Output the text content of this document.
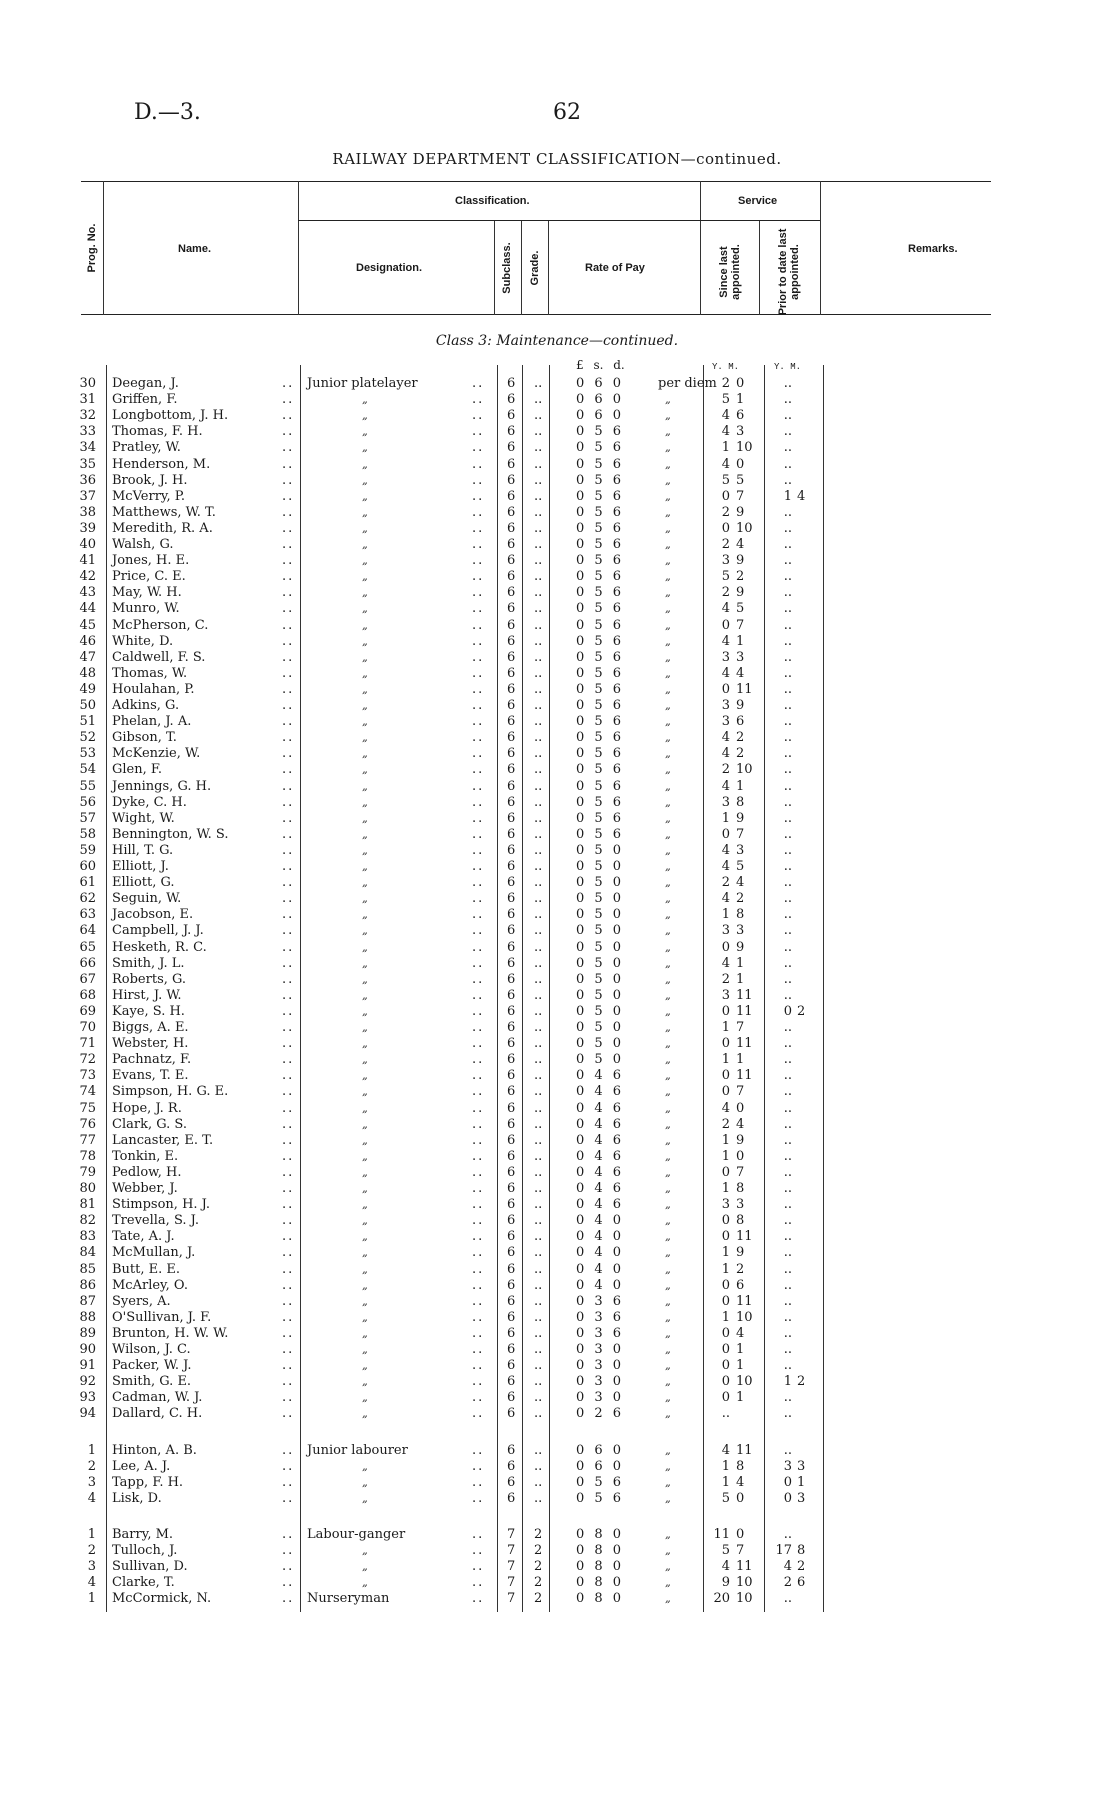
D.—3.	62
RAILWAY DEPARTMENT CLASSIFICATION—continued.
Prog. No.	Name.
Classification.
Designation.	Subclass. Grade.	Rate of Pay
Service
Since last appointed.	Prior to date last appointed.	Remarks.
Class 3: Maintenance—continued.
£ s. d.	Y. M.	Y. M.
30 Deegan, J.	.. Junior platelayer	.. 6 ..	0 6 0	per diem 2 0	..
31 Griffen, F.	..	„	.. 6 ..	0 6 0	„	5 1	..
32 Longbottom, J. H.	..	„	.. 6 ..	0 6 0	„	4 6	..
33 Thomas, F. H.	..	„	.. 6 ..	0 5 6	„	4 3	..
34 Pratley, W.	..	„	.. 6 ..	0 5 6	„	1 10	..
35 Henderson, M.	..	„	.. 6 ..	0 5 6	„	4 0	..
36 Brook, J. H.	..	„	.. 6 ..	0 5 6	„	5 5	..
37 McVerry, P.	..	„	.. 6 ..	0 5 6	„	0 7	1 4
38 Matthews, W. T.	..	„	.. 6 ..	0 5 6	„	2 9	..
39 Meredith, R. A.	..	„	.. 6 ..	0 5 6	„	0 10	..
40 Walsh, G.	..	„	.. 6 ..	0 5 6	„	2 4	..
41 Jones, H. E.	..	„	.. 6 ..	0 5 6	„	3 9	..
42 Price, C. E.	..	„	.. 6 ..	0 5 6	„	5 2	..
43 May, W. H.	..	„	.. 6 ..	0 5 6	„	2 9	..
44 Munro, W.	..	„	.. 6 ..	0 5 6	„	4 5	..
45 McPherson, C.	..	„	.. 6 ..	0 5 6	„	0 7	..
46 White, D.	..	„	.. 6 ..	0 5 6	„	4 1	..
47 Caldwell, F. S.	..	„	.. 6 ..	0 5 6	„	3 3	..
48 Thomas, W.	..	„	.. 6 ..	0 5 6	„	4 4	..
49 Houlahan, P.	..	„	.. 6 ..	0 5 6	„	0 11	..
50 Adkins, G.	..	„	.. 6 ..	0 5 6	„	3 9	..
51 Phelan, J. A.	..	„	.. 6 ..	0 5 6	„	3 6	..
52 Gibson, T.	..	„	.. 6 ..	0 5 6	„	4 2	..
53 McKenzie, W.	..	„	.. 6 ..	0 5 6	„	4 2	..
54 Glen, F.	..	„	.. 6 ..	0 5 6	„	2 10	..
55 Jennings, G. H.	..	„	.. 6 ..	0 5 6	„	4 1	..
56 Dyke, C. H.	..	„	.. 6 ..	0 5 6	„	3 8	..
57 Wight, W.	..	„	.. 6 ..	0 5 6	„	1 9	..
58 Bennington, W. S.	..	„	.. 6 ..	0 5 6	„	0 7	..
59 Hill, T. G.	..	„	.. 6 ..	0 5 0	„	4 3	..
60 Elliott, J.	..	„	.. 6 ..	0 5 0	„	4 5	..
61 Elliott, G.	..	„	.. 6 ..	0 5 0	„	2 4	..
62 Seguin, W.	..	„	.. 6 ..	0 5 0	„	4 2	..
63 Jacobson, E.	..	„	.. 6 ..	0 5 0	„	1 8	..
64 Campbell, J. J.	..	„	.. 6 ..	0 5 0	„	3 3	..
65 Hesketh, R. C.	..	„	.. 6 ..	0 5 0	„	0 9	..
66 Smith, J. L.	..	„	.. 6 ..	0 5 0	„	4 1	..
67 Roberts, G.	..	„	.. 6 ..	0 5 0	„	2 1	..
68 Hirst, J. W.	..	„	.. 6 ..	0 5 0	„	3 11	..
69 Kaye, S. H.	..	„	.. 6 ..	0 5 0	„	0 11	0 2
70 Biggs, A. E.	..	„	.. 6 ..	0 5 0	„	1 7	..
71 Webster, H.	..	„	.. 6 ..	0 5 0	„	0 11	..
72 Pachnatz, F.	..	„	.. 6 ..	0 5 0	„	1 1	..
73 Evans, T. E.	..	„	.. 6 ..	0 4 6	„	0 11	..
74 Simpson, H. G. E.	..	„	.. 6 ..	0 4 6	„	0 7	..
75 Hope, J. R.	..	„	.. 6 ..	0 4 6	„	4 0	..
76 Clark, G. S.	..	„	.. 6 ..	0 4 6	„	2 4	..
77 Lancaster, E. T.	..	„	.. 6 ..	0 4 6	„	1 9	..
78 Tonkin, E.	..	„	.. 6 ..	0 4 6	„	1 0	..
79 Pedlow, H.	..	„	.. 6 ..	0 4 6	„	0 7	..
80 Webber, J.	..	„	.. 6 ..	0 4 6	„	1 8	..
81 Stimpson, H. J.	..	„	.. 6 ..	0 4 6	„	3 3	..
82 Trevella, S. J.	..	„	.. 6 ..	0 4 0	„	0 8	..
83 Tate, A. J.	..	„	.. 6 ..	0 4 0	„	0 11	..
84 McMullan, J.	..	„	.. 6 ..	0 4 0	„	1 9	..
85 Butt, E. E.	..	„	.. 6 ..	0 4 0	„	1 2	..
86 McArley, O.	..	„	.. 6 ..	0 4 0	„	0 6	..
87 Syers, A.	..	„	.. 6 ..	0 3 6	„	0 11	..
88 O'Sullivan, J. F.	..	„	.. 6 ..	0 3 6	„	1 10	..
89 Brunton, H. W. W.	..	„	.. 6 ..	0 3 6	„	0 4	..
90 Wilson, J. C.	..	„	.. 6 ..	0 3 0	„	0 1	..
91 Packer, W. J.	..	„	.. 6 ..	0 3 0	„	0 1	..
92 Smith, G. E.	..	„	.. 6 ..	0 3 0	„	0 10	1 2
93 Cadman, W. J.	..	„	.. 6 ..	0 3 0	„	0 1	..
94 Dallard, C. H.	..	„	.. 6 ..	0 2 6	„	..	..
1 Hinton, A. B.	.. Junior labourer	.. 6 ..	0 6 0	„	4 11	..
2 Lee, A. J.	..	„	.. 6 ..	0 6 0	„	1 8	3 3
3 Tapp, F. H.	..	„	.. 6 ..	0 5 6	„	1 4	0 1
4 Lisk, D.	..	„	.. 6 ..	0 5 6	„	5 0	0 3
1 Barry, M.	.. Labour-ganger	.. 7 2	0 8 0	„	11 0	..
2 Tulloch, J.	..	„	.. 7 2	0 8 0	„	5 7	17 8
3 Sullivan, D.	..	„	.. 7 2	0 8 0	„	4 11	4 2
4 Clarke, T.	..	„	.. 7 2	0 8 0	„	9 10	2 6
1 McCormick, N.	.. Nurseryman	.. 7 2	0 8 0	„	20 10	..
